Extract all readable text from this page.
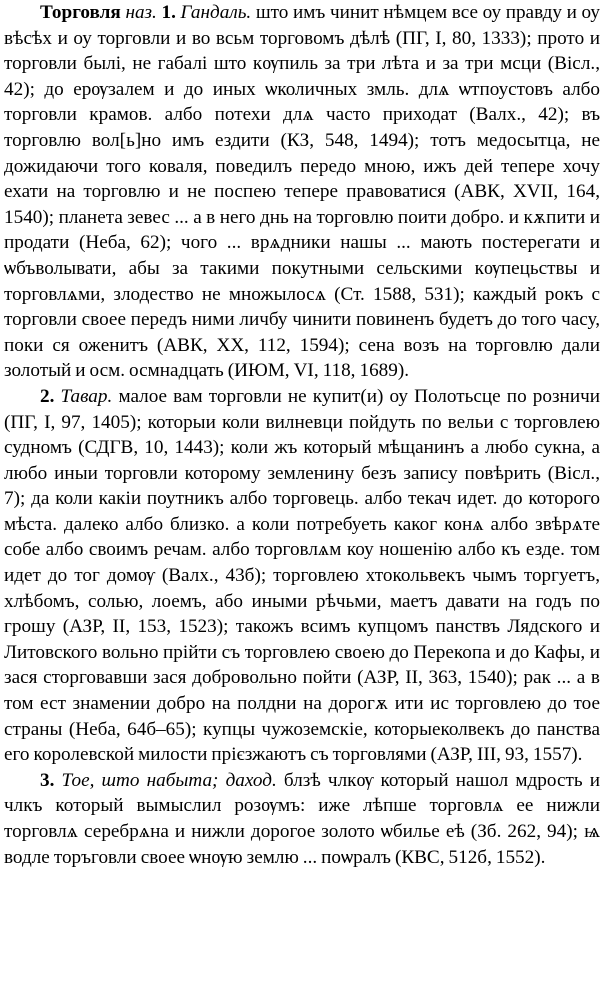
Торговля наз. 1. Гандаль. што имъ чинит нѣмцем все оу правду и оу вѣсѣх и оу торговли и во всьм торговомъ дѣлѣ (ПГ, I, 80, 1333); прото и торговли былі, не габалі што кѹпиль за три лѣта и за три мсци (Вісл., 42); до ерѹзалем и до иных ѡколичных змль. длѧ ѡтпоустовъ албо торговли крамов. албо потехи длѧ часто приходат (Валх., 42); въ торговлю вол[ь]но имъ ездити (КЗ, 548, 1494); тотъ медосытца, не дожидаючи того коваля, поведилъ передо мною, ижъ дей тепере хочу ехати на торговлю и не поспею тепере правоватися (АВК, XVII, 164, 1540); планета зевес ... а в него днь на торговлю поити добро. и кѫпити и продати (Неба, 62); чого ... врѧдники нашы ... мають постерегати и ѡбъволывати, абы за такими покутными сельскими кѹпецьствы и торговлѧми, злодество не множылосѧ (Ст. 1588, 531); каждый рокъ с торговли своее передъ ними личбу чинити повиненъ будетъ до того часу, поки ся оженитъ (АВК, XX, 112, 1594); сена возъ на торговлю дали золотый и осм. осмнадцать (ИЮМ, VI, 118, 1689).

2. Тавар. малое вам торговли не купит(и) оу Полотьсце по розничи (ПГ, I, 97, 1405); которыи коли вилневци пойдуть по вельи с торговлею судномъ (СДГВ, 10, 1443); коли жъ который мѣщанинъ а любо сукна, а любо иныи торговли которому земленину безъ запису повѣрить (Вісл., 7); да коли какіи поутникъ албо торговець. албо текач идет. до которого мѣста. далеко албо близко. а коли потребуеть каког конѧ албо звѣрѧте собе албо своимъ речам. албо торговлѧм коу ношенію албо къ езде. том идет до тог домѹ (Валх., 43б); торговлею хтокольвекъ чымъ торгуетъ, хлѣбомъ, солью, лоемъ, або иными рѣчьми, маетъ давати на годъ по грошу (АЗР, II, 153, 1523); такожъ всимъ купцомъ панствъ Лядского и Литовского вольно прійти съ торговлею своею до Перекопа и до Кафы, и зася сторговавши зася добровольно пойти (АЗР, II, 363, 1540); рак ... а в том ест знамении добро на полдни на дорогѫ ити ис торговлею до тое страны (Неба, 64б–65); купцы чужоземскіе, которыеколвекъ до панства его королевской милости прієзжаютъ съ торговлями (АЗР, III, 93, 1557).

3. Тое, што набыта; даход. блзѣ члкѹ который нашол мдрость и члкъ который вымыслил розѹмъ: иже лѣпше торговлѧ ее нижли торговлѧ серебрѧна и нижли дорогое золото ѡбилье еѣ (Зб. 262, 94); ѩ водле торъговли своее ѡнѹю землю ... поѡралъ (КВС, 512б, 1552).
